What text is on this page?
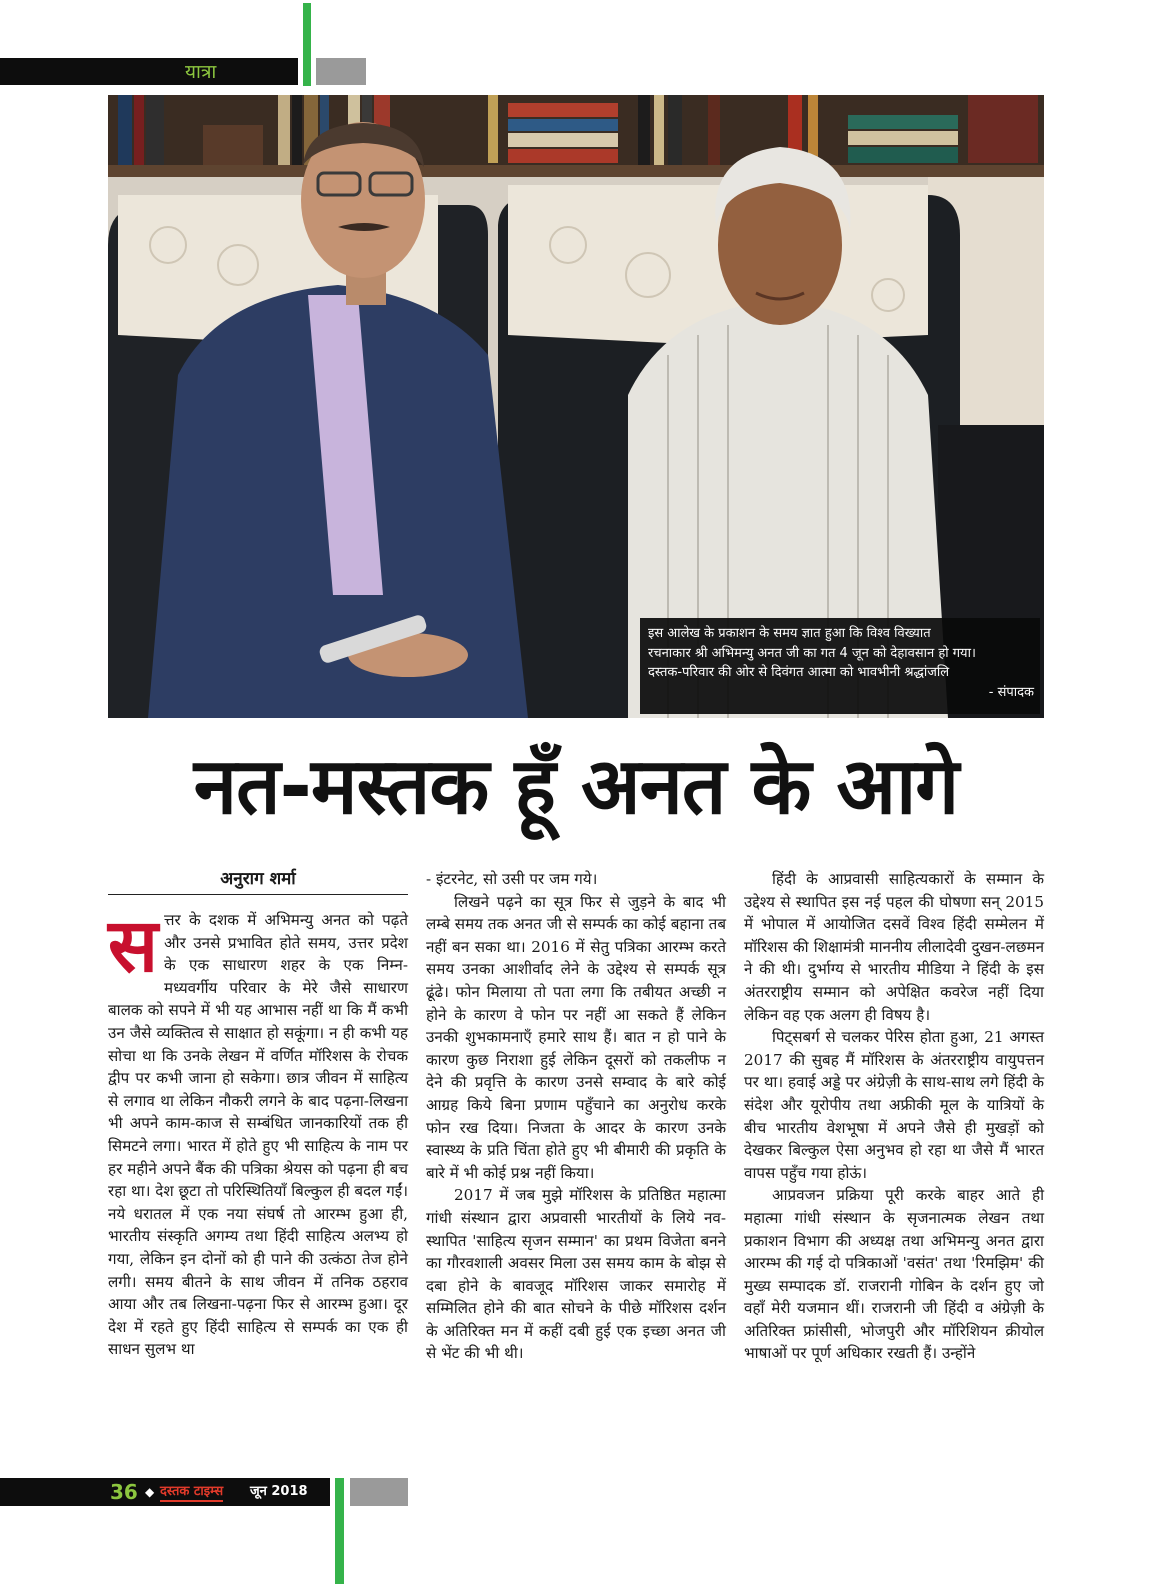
यात्रा
इस आलेख के प्रकाशन के समय ज्ञात हुआ कि विश्व विख्यात
रचनाकार श्री अभिमन्यु अनत जी का गत 4 जून को देहावसान हो गया।
दस्तक-परिवार की ओर से दिवंगत आत्मा को भावभीनी श्रद्धांजलि
- संपादक
नत-मस्तक हूँ अनत के आगे
अनुराग शर्मा
स त्तर के दशक में अभिमन्यु अनत को पढ़ते और उनसे प्रभावित होते समय, उत्तर प्रदेश के एक साधारण शहर के एक निम्न-मध्यवर्गीय परिवार के मेरे जैसे साधारण बालक को सपने में भी यह आभास नहीं था कि मैं कभी उन जैसे व्यक्तित्व से साक्षात हो सकूंगा। न ही कभी यह सोचा था कि उनके लेखन में वर्णित मॉरिशस के रोचक द्वीप पर कभी जाना हो सकेगा। छात्र जीवन में साहित्य से लगाव था लेकिन नौकरी लगने के बाद पढ़ना-लिखना भी अपने काम-काज से सम्बंधित जानकारियों तक ही सिमटने लगा। भारत में होते हुए भी साहित्य के नाम पर हर महीने अपने बैंक की पत्रिका श्रेयस को पढ़ना ही बच रहा था। देश छूटा तो परिस्थितियाँ बिल्कुल ही बदल गईं। नये धरातल में एक नया संघर्ष तो आरम्भ हुआ ही, भारतीय संस्कृति अगम्य तथा हिंदी साहित्य अलभ्य हो गया, लेकिन इन दोनों को ही पाने की उत्कंठा तेज होने लगी। समय बीतने के साथ जीवन में तनिक ठहराव आया और तब लिखना-पढ़ना फिर से आरम्भ हुआ। दूर देश में रहते हुए हिंदी साहित्य से सम्पर्क का एक ही साधन सुलभ था

- इंटरनेट, सो उसी पर जम गये।

लिखने पढ़ने का सूत्र फिर से जुड़ने के बाद भी लम्बे समय तक अनत जी से सम्पर्क का कोई बहाना तब नहीं बन सका था। 2016 में सेतु पत्रिका आरम्भ करते समय उनका आशीर्वाद लेने के उद्देश्य से सम्पर्क सूत्र ढूंढे। फोन मिलाया तो पता लगा कि तबीयत अच्छी न होने के कारण वे फोन पर नहीं आ सकते हैं लेकिन उनकी शुभकामनाएँ हमारे साथ हैं। बात न हो पाने के कारण कुछ निराशा हुई लेकिन दूसरों को तकलीफ न देने की प्रवृत्ति के कारण उनसे सम्वाद के बारे कोई आग्रह किये बिना प्रणाम पहुँचाने का अनुरोध करके फोन रख दिया। निजता के आदर के कारण उनके स्वास्थ्य के प्रति चिंता होते हुए भी बीमारी की प्रकृति के बारे में भी कोई प्रश्न नहीं किया।

2017 में जब मुझे मॉरिशस के प्रतिष्ठित महात्मा गांधी संस्थान द्वारा अप्रवासी भारतीयों के लिये नव-स्थापित 'साहित्य सृजन सम्मान' का प्रथम विजेता बनने का गौरवशाली अवसर मिला उस समय काम के बोझ से दबा होने के बावजूद मॉरिशस जाकर समारोह में सम्मिलित होने की बात सोचने के पीछे मॉरिशस दर्शन के अतिरिक्त मन में कहीं दबी हुई एक इच्छा अनत जी से भेंट की भी थी।

हिंदी के आप्रवासी साहित्यकारों के सम्मान के उद्देश्य से स्थापित इस नई पहल की घोषणा सन् 2015 में भोपाल में आयोजित दसवें विश्व हिंदी सम्मेलन में मॉरिशस की शिक्षामंत्री माननीय लीलादेवी दुखन-लछमन ने की थी। दुर्भाग्य से भारतीय मीडिया ने हिंदी के इस अंतरराष्ट्रीय सम्मान को अपेक्षित कवरेज नहीं दिया लेकिन वह एक अलग ही विषय है।

पिट्सबर्ग से चलकर पेरिस होता हुआ, 21 अगस्त 2017 की सुबह मैं मॉरिशस के अंतरराष्ट्रीय वायुपत्तन पर था। हवाई अड्डे पर अंग्रेज़ी के साथ-साथ लगे हिंदी के संदेश और यूरोपीय तथा अफ्रीकी मूल के यात्रियों के बीच भारतीय वेशभूषा में अपने जैसे ही मुखड़ों को देखकर बिल्कुल ऐसा अनुभव हो रहा था जैसे मैं भारत वापस पहुँच गया होऊं।

आप्रवजन प्रक्रिया पूरी करके बाहर आते ही महात्मा गांधी संस्थान के सृजनात्मक लेखन तथा प्रकाशन विभाग की अध्यक्ष तथा अभिमन्यु अनत द्वारा आरम्भ की गई दो पत्रिकाओं 'वसंत' तथा 'रिमझिम' की मुख्य सम्पादक डॉ. राजरानी गोबिन के दर्शन हुए जो वहाँ मेरी यजमान थीं। राजरानी जी हिंदी व अंग्रेज़ी के अतिरिक्त फ्रांसीसी, भोजपुरी और मॉरिशियन क्रीयोल भाषाओं पर पूर्ण अधिकार रखती हैं। उन्होंने

36 ◆ दस्तक टाइम्स जून 2018
